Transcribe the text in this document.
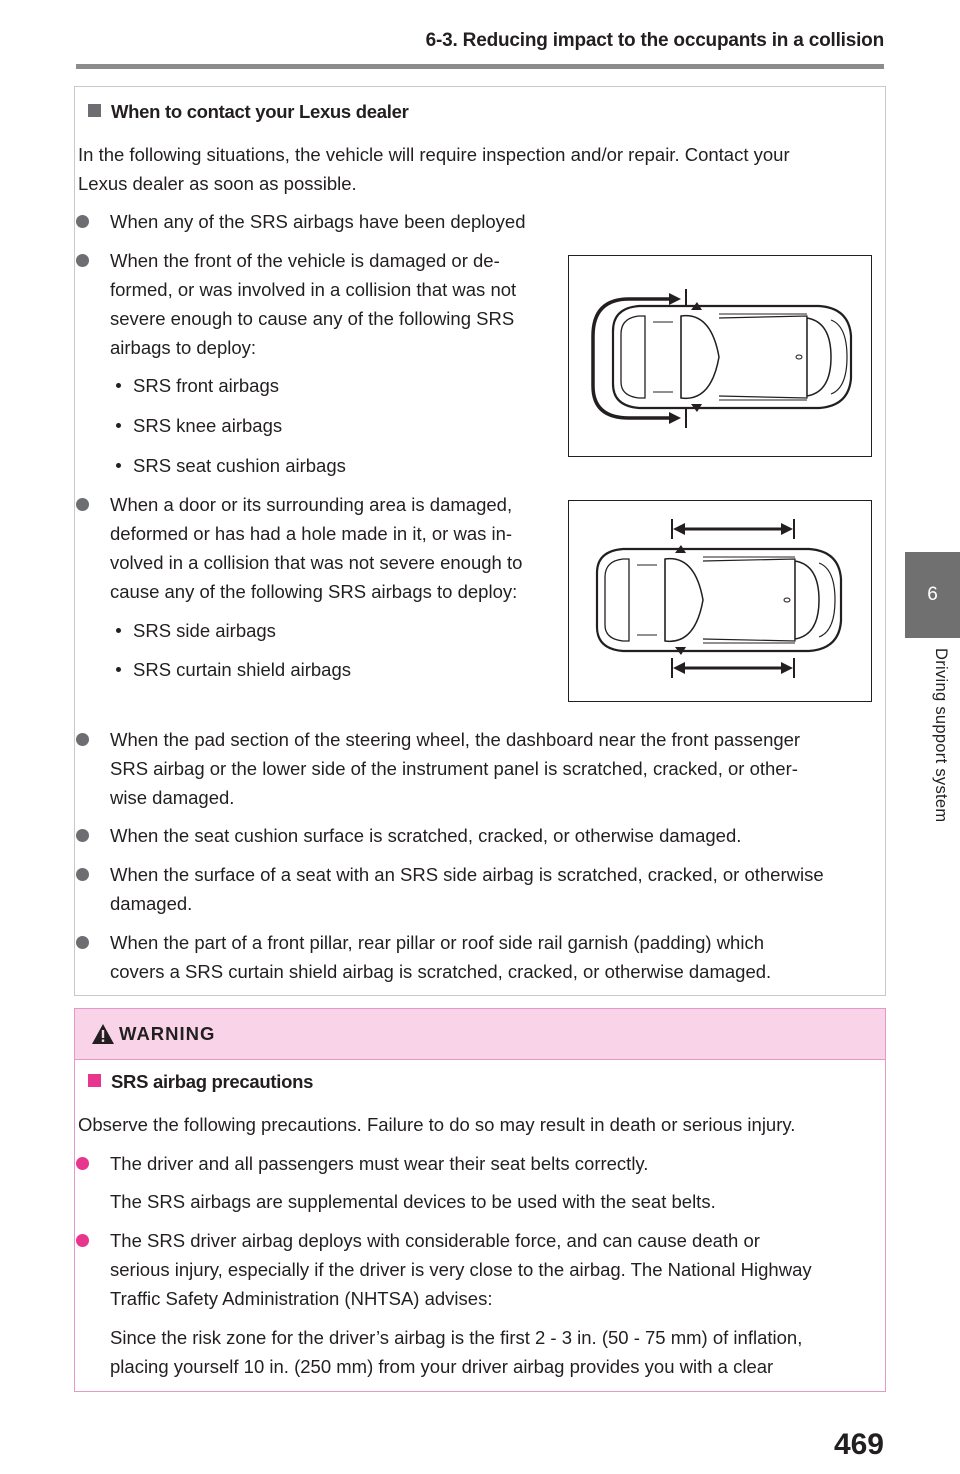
6-3. Reducing impact to the occupants in a collision
6
Driving support system
When to contact your Lexus dealer
In the following situations, the vehicle will require inspection and/or repair. Contact your
Lexus dealer as soon as possible.
When any of the SRS airbags have been deployed
When the front of the vehicle is damaged or de-
formed, or was involved in a collision that was not
severe enough to cause any of the following SRS
airbags to deploy:
SRS front airbags
SRS knee airbags
SRS seat cushion airbags
When a door or its surrounding area is damaged,
deformed or has had a hole made in it, or was in-
volved in a collision that was not severe enough to
cause any of the following SRS airbags to deploy:
SRS side airbags
SRS curtain shield airbags
When the pad section of the steering wheel, the dashboard near the front passenger
SRS airbag or the lower side of the instrument panel is scratched, cracked, or other-
wise damaged.
When the seat cushion surface is scratched, cracked, or otherwise damaged.
When the surface of a seat with an SRS side airbag is scratched, cracked, or otherwise
damaged.
When the part of a front pillar, rear pillar or roof side rail garnish (padding) which
covers a SRS curtain shield airbag is scratched, cracked, or otherwise damaged.
WARNING
SRS airbag precautions
Observe the following precautions. Failure to do so may result in death or serious injury.
The driver and all passengers must wear their seat belts correctly.
The SRS airbags are supplemental devices to be used with the seat belts.
The SRS driver airbag deploys with considerable force, and can cause death or
serious injury, especially if the driver is very close to the airbag. The National Highway
Traffic Safety Administration (NHTSA) advises:
Since the risk zone for the driver’s airbag is the first 2 - 3 in. (50 - 75 mm) of inflation,
placing yourself 10 in. (250 mm) from your driver airbag provides you with a clear
469
